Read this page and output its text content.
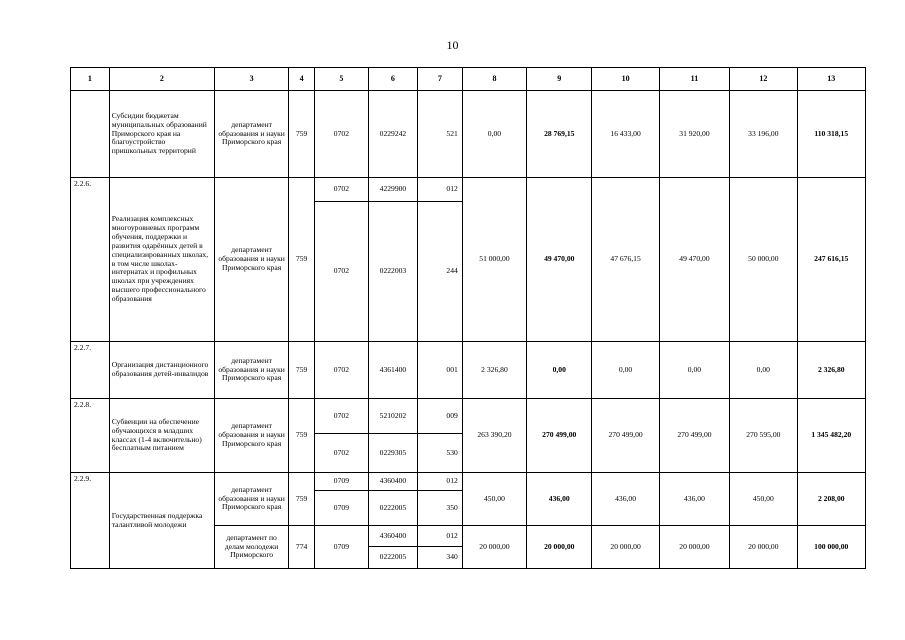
10
1	2	3	4	5	6	7	8	9	10	11	12	13
	Субсидии бюджетам муниципальных образований Приморского края на благоустройство пришкольных территорий	департамент образования и науки Приморского края	759	0702	0229242	521	0,00	28 769,15	16 433,00	31 920,00	33 196,00	110 318,15
2.2.6.	Реализация комплексных многоуровневых программ обучения, поддержки и развития одарённых детей в специализированных школах, в том числе школах-интернатах и профильных школах при учреждениях высшего профессионального образования	департамент образования и науки Приморского края	759	0702	4229900	012	51 000,00	49 470,00	47 676,15	49 470,00	50 000,00	247 616,15
				0702	0222003	244						
2.2.7.	Организация дистанционного образования детей-инвалидов	департамент образования и науки Приморского края	759	0702	4361400	001	2 326,80	0,00	0,00	0,00	0,00	2 326,80
2.2.8.	Субвенции на обеспечение обучающихся в младших классах (1-4 включительно) бесплатным питанием	департамент образования и науки Приморского края	759	0702	5210202	009	263 390,20	270 499,00	270 499,00	270 499,00	270 595,00	1 345 482,20
				0702	0229305	530						
2.2.9.	Государственная поддержка талантливой молодежи	департамент образования и науки Приморского края	759	0709	4360400	012	450,00	436,00	436,00	436,00	450,00	2 208,00
				0709	0222005	350						
		департамент по делам молодежи Приморского	774	0709	4360400	012	20 000,00	20 000,00	20 000,00	20 000,00	20 000,00	100 000,00
					0222005	340						
